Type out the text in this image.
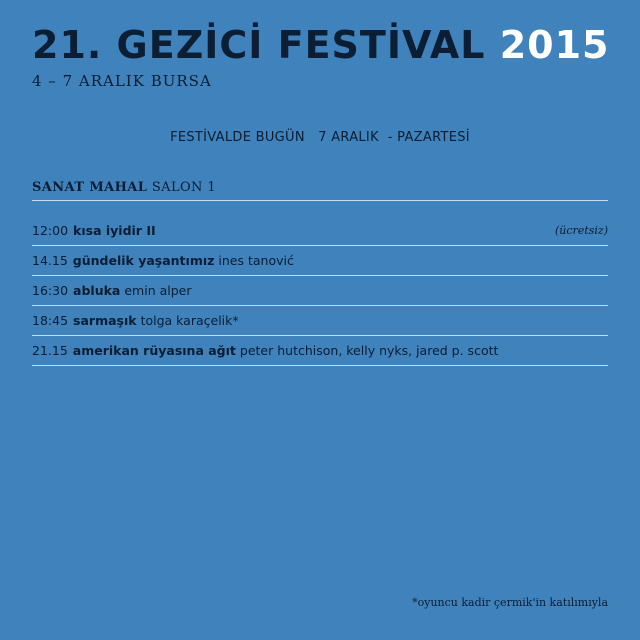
21. GEZİCİ FESTİVAL 2015
4 – 7 ARALIK BURSA
FESTİVALDE BUGÜN   7 ARALIK  - PAZARTESİ
SANAT MAHAL SALON 1
12:00 kısa iyidir II	(ücretsiz)
14.15 gündelik yaşantımız ines tanović
16:30 abluka emin alper
18:45 sarmaşık tolga karaçelik*
21.15 amerikan rüyasına ağıt peter hutchison, kelly nyks, jared p. scott
*oyuncu kadir çermik'in katılımıyla
